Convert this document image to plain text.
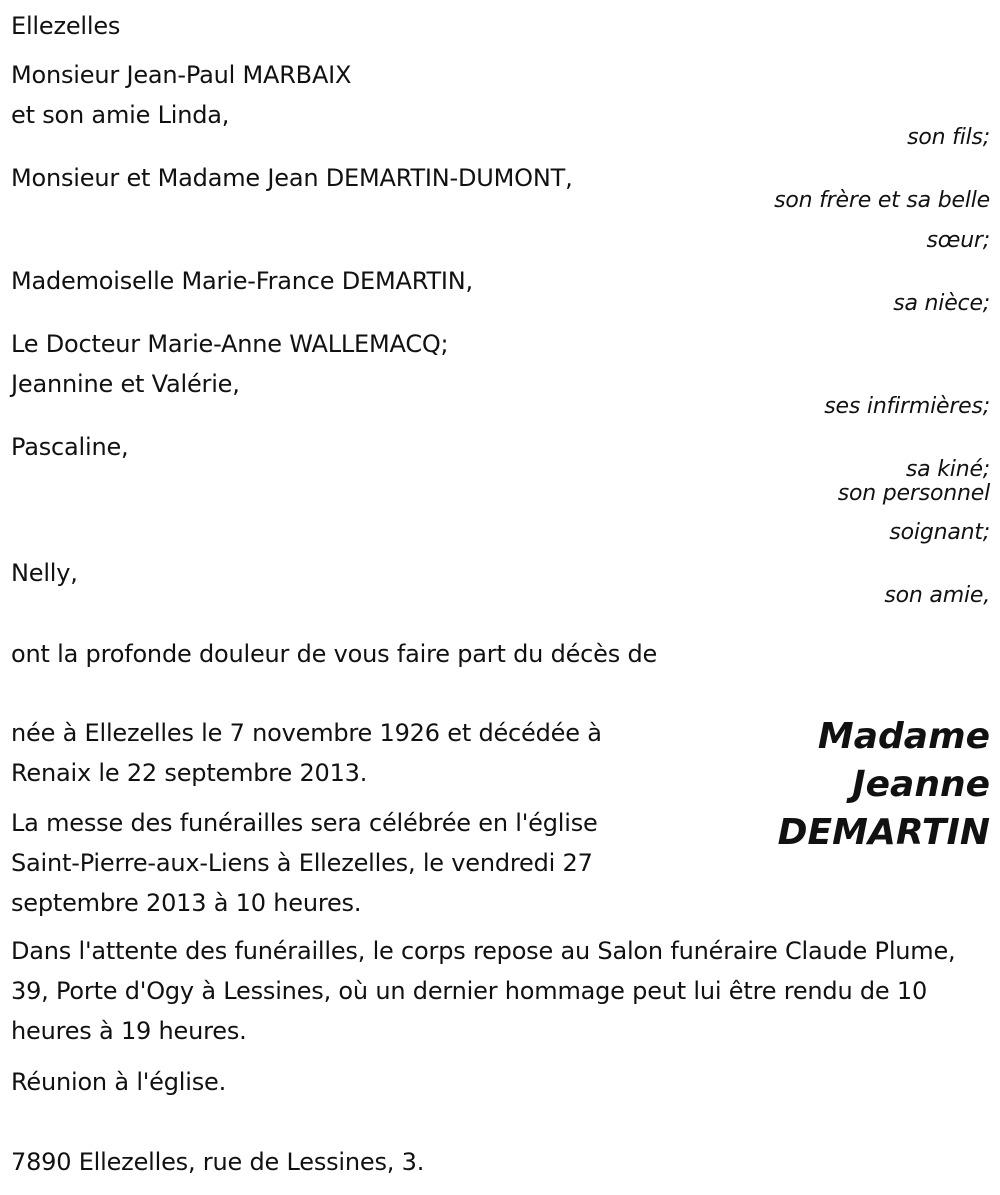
Ellezelles
Monsieur Jean-Paul MARBAIX
et son amie Linda,
son fils;
Monsieur et Madame Jean DEMARTIN-DUMONT,
son frère et sa belle
sœur;
Mademoiselle Marie-France DEMARTIN,
sa nièce;
Le Docteur Marie-Anne WALLEMACQ;
Jeannine et Valérie,
ses infirmières;
Pascaline,
sa kiné;
son personnel
soignant;
Nelly,
son amie,
ont la profonde douleur de vous faire part du décès de
Madame
Jeanne
DEMARTIN
née à Ellezelles le 7 novembre 1926 et décédée à
Renaix le 22 septembre 2013.
La messe des funérailles sera célébrée en l'église
Saint-Pierre-aux-Liens à Ellezelles, le vendredi 27
septembre 2013 à 10 heures.
Dans l'attente des funérailles, le corps repose au Salon funéraire Claude Plume, 39, Porte d'Ogy à Lessines, où un dernier hommage peut lui être rendu de 10 heures à 19 heures.
Réunion à l'église.
7890 Ellezelles, rue de Lessines, 3.
